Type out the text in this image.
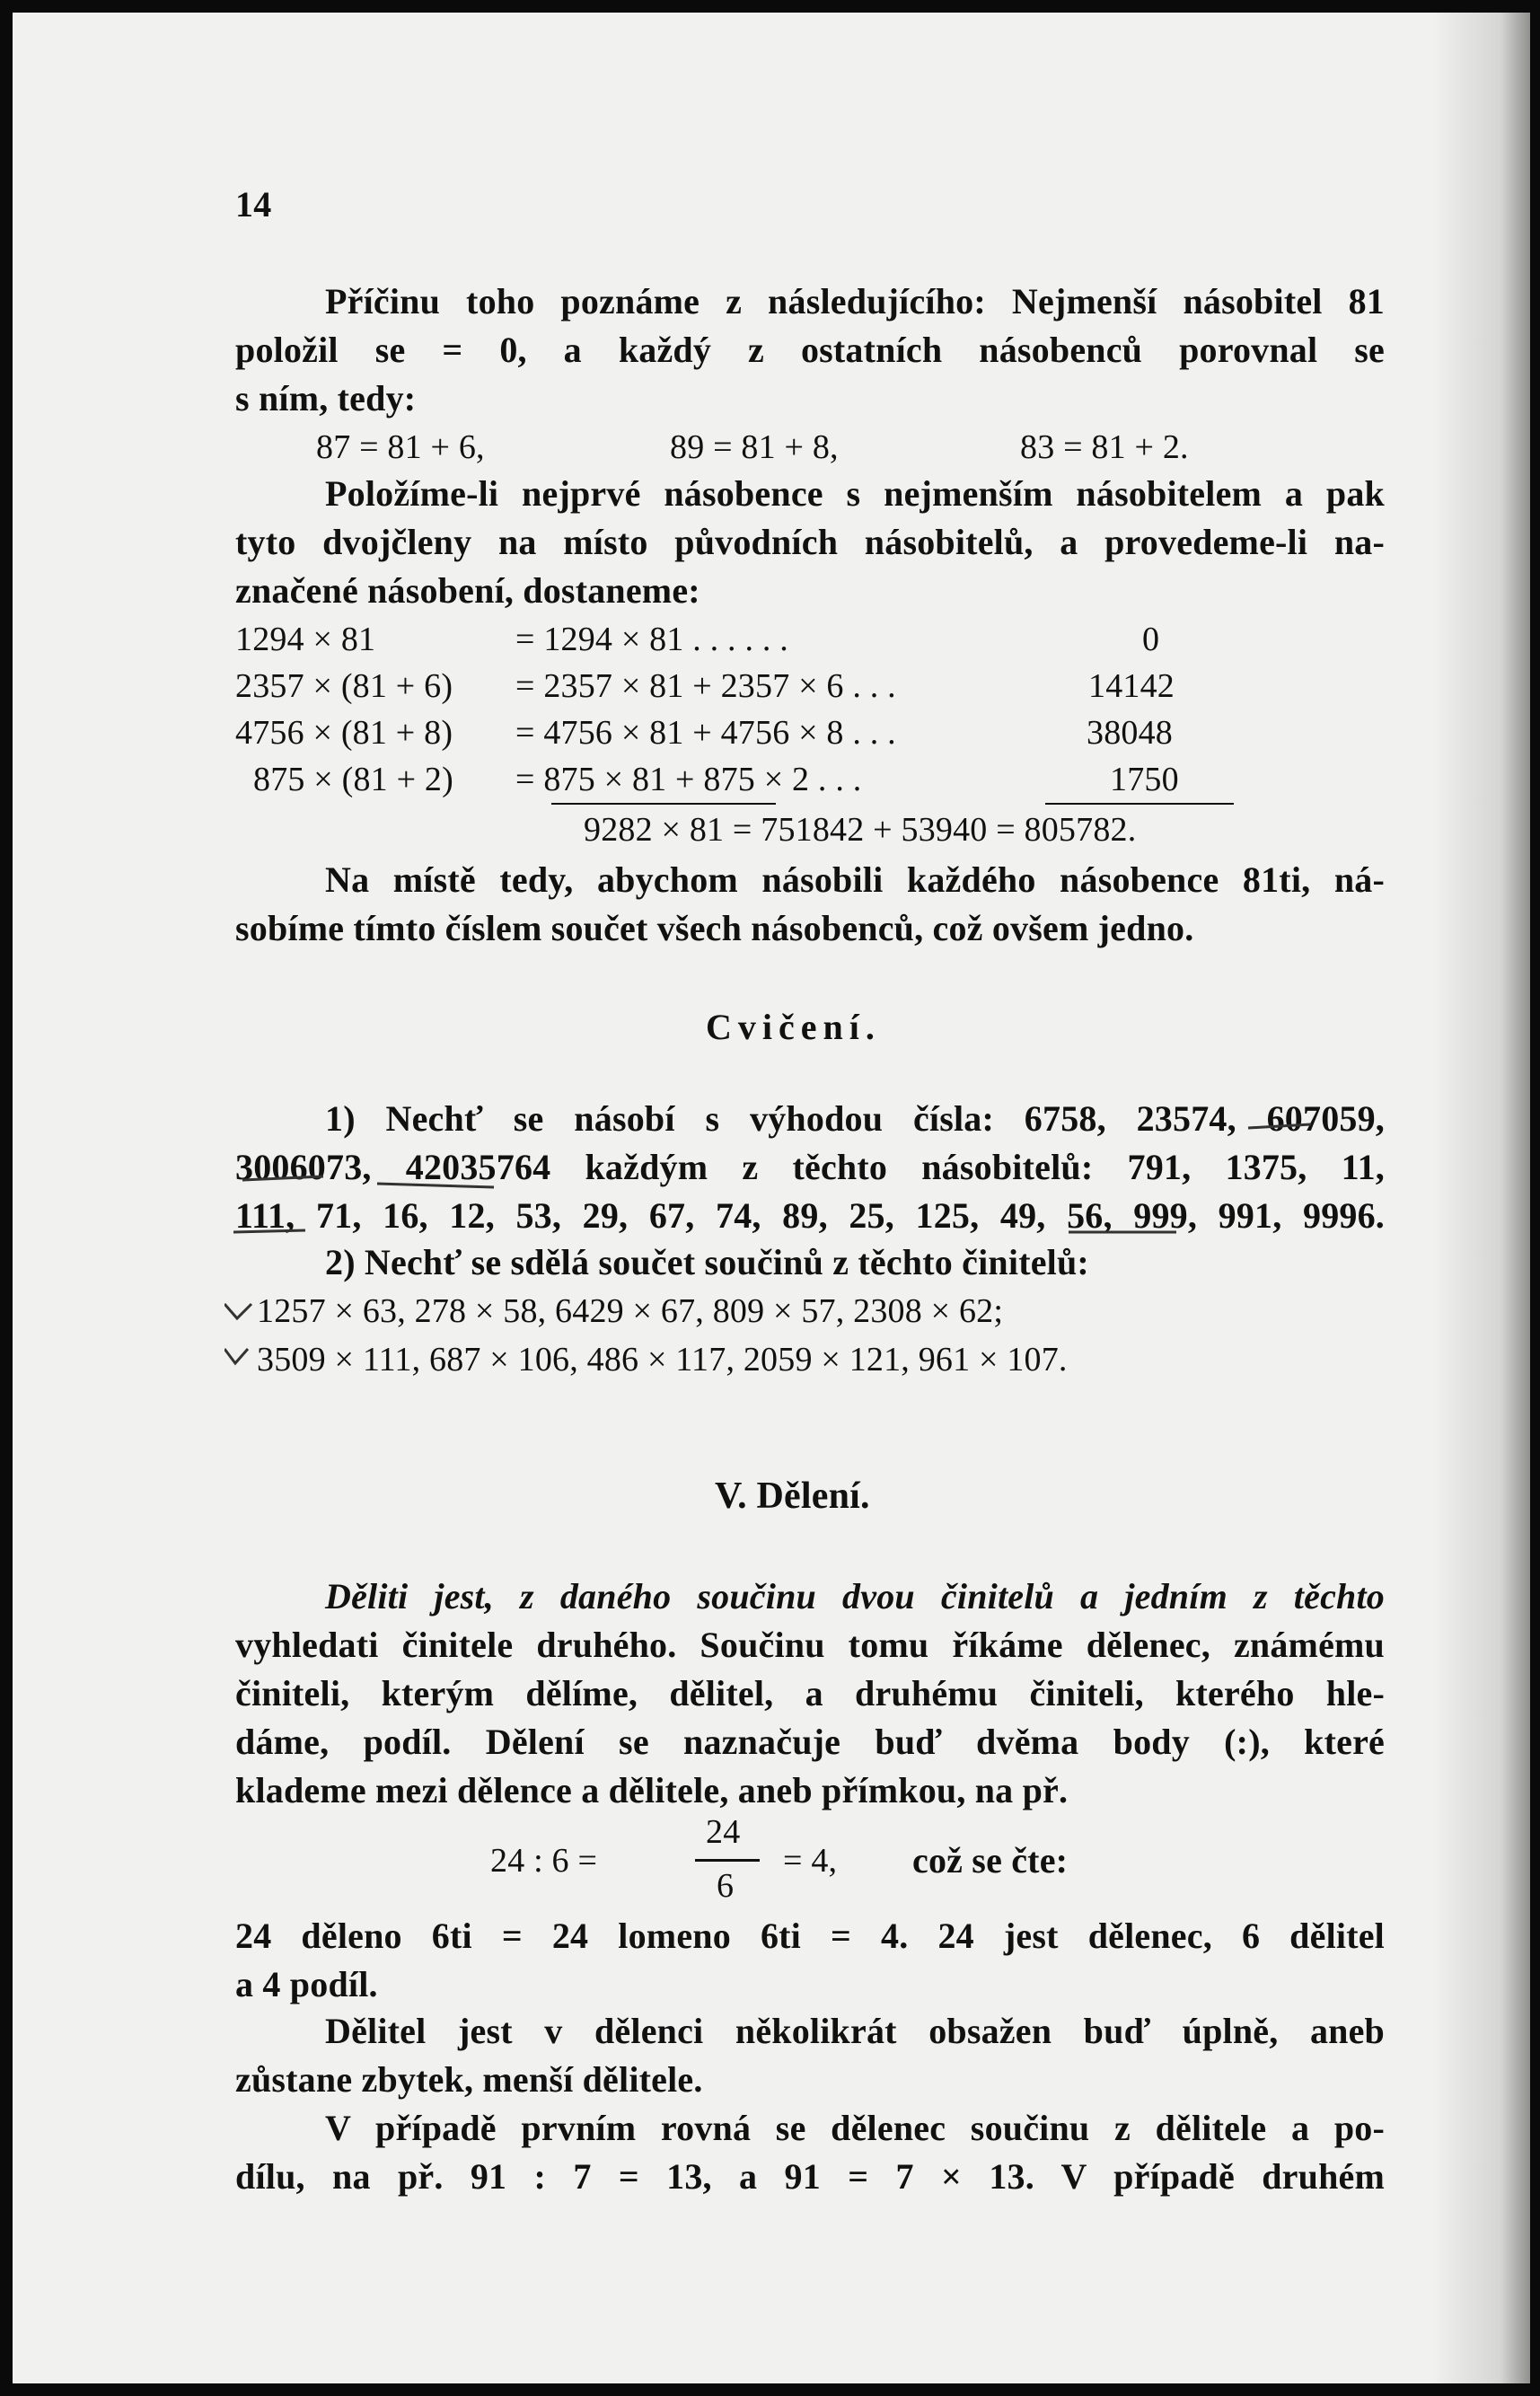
14
Příčinu toho poznáme z následujícího: Nejmenší násobitel 81
položil se = 0, a každý z ostatních násobenců porovnal se
s ním, tedy:
87 = 81 + 6,	89 = 81 + 8,	83 = 81 + 2.
Položíme-li nejprvé násobence s nejmenším násobitelem a pak
tyto dvojčleny na místo původních násobitelů, a provedeme-li na-
značené násobení, dostaneme:
1294 × 81	= 1294 × 81 . . . . . .	0
2357 × (81 + 6) = 2357 × 81 + 2357 × 6 . . .	14142
4756 × (81 + 8) = 4756 × 81 + 4756 × 8 . . .	38048
875 × (81 + 2) = 875 × 81 + 875 × 2 . . .	1750
9282 × 81 = 751842 + 53940 = 805782.
Na místě tedy, abychom násobili každého násobence 81ti, ná-
sobíme tímto číslem součet všech násobenců, což ovšem jedno.
Cvičení.
1) Nechť se násobí s výhodou čísla: 6758, 23574, 607059,
3006073, 42035764 každým z těchto násobitelů: 791, 1375, 11,
111, 71, 16, 12, 53, 29, 67, 74, 89, 25, 125, 49, 56, 999, 991, 9996.
2) Nechť se sdělá součet součinů z těchto činitelů:
1257 × 63, 278 × 58, 6429 × 67, 809 × 57, 2308 × 62;
3509 × 111, 687 × 106, 486 × 117, 2059 × 121, 961 × 107.
V. Dělení.
Děliti jest, z daného součinu dvou činitelů a jedním z těchto
vyhledati činitele druhého. Součinu tomu říkáme dělenec, známému
činiteli, kterým dělíme, dělitel, a druhému činiteli, kterého hle-
dáme, podíl. Dělení se naznačuje buď dvěma body (:), které
klademe mezi dělence a dělitele, aneb přímkou, na př.
24 : 6 =
24
6
= 4, což se čte:
24 děleno 6ti = 24 lomeno 6ti = 4. 24 jest dělenec, 6 dělitel
a 4 podíl.
Dělitel jest v dělenci několikrát obsažen buď úplně, aneb
zůstane zbytek, menší dělitele.
V případě prvním rovná se dělenec součinu z dělitele a po-
dílu, na př. 91 : 7 = 13, a 91 = 7 × 13. V případě druhém
